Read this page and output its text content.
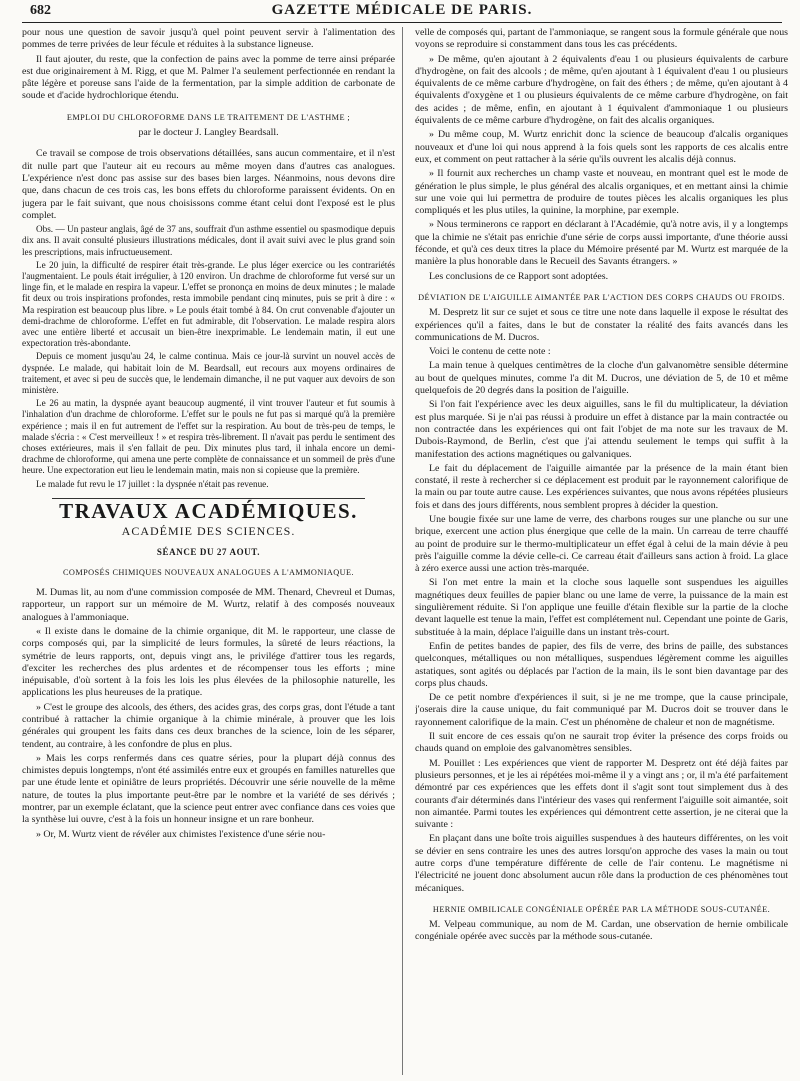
682	GAZETTE MÉDICALE DE PARIS.

pour nous une question de savoir jusqu'à quel point peuvent servir à l'alimentation des pommes de terre privées de leur fécule et réduites à la substance ligneuse.

Il faut ajouter, du reste, que la confection de pains avec la pomme de terre ainsi préparée est due originairement à M. Rigg, et que M. Palmer l'a seulement perfectionnée en rendant la pâte légère et poreuse sans l'aide de la fermentation, par la simple addition de carbonate de soude et d'acide hydrochlorique étendu.

EMPLOI DU CHLOROFORME DANS LE TRAITEMENT DE L'ASTHME ;
par le docteur J. Langley Beardsall.

Ce travail se compose de trois observations détaillées, sans aucun commentaire, et il n'est dit nulle part que l'auteur ait eu recours au même moyen dans d'autres cas analogues. L'expérience n'est donc pas assise sur des bases bien larges. Néanmoins, nous devons dire que, dans chacun de ces trois cas, les bons effets du chloroforme paraissent évidents. On en jugera par le fait suivant, que nous choisissons comme étant celui dont l'exposé est le plus complet.

Obs. — Un pasteur anglais, âgé de 37 ans, souffrait d'un asthme essentiel ou spasmodique depuis dix ans. Il avait consulté plusieurs illustrations médicales, dont il avait suivi avec le plus grand soin les prescriptions, mais infructueusement.

Le 20 juin, la difficulté de respirer était très-grande. Le plus léger exercice ou les contrariétés l'augmentaient. Le pouls était irrégulier, à 120 environ. Un drachme de chloroforme fut versé sur un linge fin, et le malade en respira la vapeur. L'effet se prononça en moins de deux minutes ; le malade fit deux ou trois inspirations profondes, resta immobile pendant cinq minutes, puis se prit à dire : « Ma respiration est beaucoup plus libre. » Le pouls était tombé à 84. On crut convenable d'ajouter un demi-drachme de chloroforme. L'effet en fut admirable, dit l'observation. Le malade respira alors avec une entière liberté et accusait un bien-être inexprimable. Le lendemain matin, il eut une expectoration très-abondante.

Depuis ce moment jusqu'au 24, le calme continua. Mais ce jour-là survint un nouvel accès de dyspnée. Le malade, qui habitait loin de M. Beardsall, eut recours aux moyens ordinaires de traitement, et avec si peu de succès que, le lendemain dimanche, il ne put vaquer aux devoirs de son ministère.

Le 26 au matin, la dyspnée ayant beaucoup augmenté, il vint trouver l'auteur et fut soumis à l'inhalation d'un drachme de chloroforme. L'effet sur le pouls ne fut pas si marqué qu'à la première expérience ; mais il en fut autrement de l'effet sur la respiration. Au bout de très-peu de temps, le malade s'écria : « C'est merveilleux ! » et respira très-librement. Il n'avait pas perdu le sentiment des choses extérieures, mais il s'en fallait de peu. Dix minutes plus tard, il inhala encore un demi-drachme de chloroforme, qui amena une perte complète de connaissance et un sommeil de près d'une heure. Une expectoration eut lieu le lendemain matin, mais non si copieuse que la première.

Le malade fut revu le 17 juillet : la dyspnée n'était pas revenue.

TRAVAUX ACADÉMIQUES.
ACADÉMIE DES SCIENCES.
SÉANCE DU 27 AOUT.
COMPOSÉS CHIMIQUES NOUVEAUX ANALOGUES A L'AMMONIAQUE.

M. Dumas lit, au nom d'une commission composée de MM. Thenard, Chevreul et Dumas, rapporteur, un rapport sur un mémoire de M. Wurtz, relatif à des composés nouveaux analogues à l'ammoniaque.

« Il existe dans le domaine de la chimie organique, dit M. le rapporteur, une classe de corps composés qui, par la simplicité de leurs formules, la sûreté de leurs réactions, la symétrie de leurs rapports, ont, depuis vingt ans, le privilége d'attirer tous les regards, d'exciter les recherches des plus ardentes et de récompenser tous les efforts ; mine inépuisable, d'où sortent à la fois les lois les plus élevées de la philosophie naturelle, les applications les plus heureuses de la pratique.

» C'est le groupe des alcools, des éthers, des acides gras, des corps gras, dont l'étude a tant contribué à rattacher la chimie organique à la chimie minérale, à prouver que les lois générales qui groupent les faits dans ces deux branches de la science, loin de les séparer, tendent, au contraire, à les confondre de plus en plus.

» Mais les corps renfermés dans ces quatre séries, pour la plupart déjà connus des chimistes depuis longtemps, n'ont été assimilés entre eux et groupés en familles naturelles que par une étude lente et opiniâtre de leurs propriétés. Découvrir une série nouvelle de la même nature, de toutes la plus importante peut-être par le nombre et la variété de ses dérivés ; montrer, par un exemple éclatant, que la science peut entrer avec confiance dans ces voies que la synthèse lui ouvre, c'est à la fois un honneur insigne et un rare bonheur.

» Or, M. Wurtz vient de révéler aux chimistes l'existence d'une série nou-

velle de composés qui, partant de l'ammoniaque, se rangent sous la formule générale que nous voyons se reproduire si constamment dans tous les cas précédents.

» De même, qu'en ajoutant à 2 équivalents d'eau 1 ou plusieurs équivalents de carbure d'hydrogène, on fait des alcools ; de même, qu'en ajoutant à 1 équivalent d'eau 1 ou plusieurs équivalents de ce même carbure d'hydrogène, on fait des éthers ; de même, qu'en ajoutant à 4 équivalents d'oxygène et 1 ou plusieurs équivalents de ce même carbure d'hydrogène, on fait des acides ; de même, enfin, en ajoutant à 1 équivalent d'ammoniaque 1 ou plusieurs équivalents de ce même carbure d'hydrogène, on fait des alcalis organiques.

» Du même coup, M. Wurtz enrichit donc la science de beaucoup d'alcalis organiques nouveaux et d'une loi qui nous apprend à la fois quels sont les rapports de ces alcalis entre eux, et comment on peut rattacher à la série qu'ils ouvrent les alcalis déjà connus.

» Il fournit aux recherches un champ vaste et nouveau, en montrant quel est le mode de génération le plus simple, le plus général des alcalis organiques, et en mettant ainsi la chimie sur une voie qui lui permettra de produire de toutes pièces les alcalis organiques les plus compliqués et les plus utiles, la quinine, la morphine, par exemple.

» Nous terminerons ce rapport en déclarant à l'Académie, qu'à notre avis, il y a longtemps que la chimie ne s'était pas enrichie d'une série de corps aussi importante, d'une théorie aussi féconde, et qu'à ces deux titres la place du Mémoire présenté par M. Wurtz est marquée de la manière la plus honorable dans le Recueil des Savants étrangers. »

Les conclusions de ce Rapport sont adoptées.

DÉVIATION DE L'AIGUILLE AIMANTÉE PAR L'ACTION DES CORPS CHAUDS OU FROIDS.

M. Despretz lit sur ce sujet et sous ce titre une note dans laquelle il expose le résultat des expériences qu'il a faites, dans le but de constater la réalité des faits avancés dans les communications de M. Ducros.

Voici le contenu de cette note :

La main tenue à quelques centimètres de la cloche d'un galvanomètre sensible détermine au bout de quelques minutes, comme l'a dit M. Ducros, une déviation de 5, de 10 et même quelquefois de 20 degrés dans la position de l'aiguille.

Si l'on fait l'expérience avec les deux aiguilles, sans le fil du multiplicateur, la déviation est plus marquée. Si je n'ai pas réussi à produire un effet à distance par la main contractée ou non contractée dans les expériences qui ont fait l'objet de ma note sur les travaux de M. Dubois-Raymond, de Berlin, c'est que j'ai attendu seulement le temps qui suffit à la manifestation des actions magnétiques ou galvaniques.

Le fait du déplacement de l'aiguille aimantée par la présence de la main étant bien constaté, il reste à rechercher si ce déplacement est produit par le rayonnement calorifique de la main ou par toute autre cause. Les expériences suivantes, que nous avons répétées plusieurs fois et dans des jours différents, nous semblent propres à décider la question.

Une bougie fixée sur une lame de verre, des charbons rouges sur une planche ou sur une brique, exercent une action plus énergique que celle de la main. Un carreau de terre chauffé au point de produire sur le thermo-multiplicateur un effet égal à celui de la main dévie à peu près l'aiguille comme la dévie celle-ci. Ce carreau était d'ailleurs sans action à froid. La glace à zéro exerce aussi une action très-marquée.

Si l'on met entre la main et la cloche sous laquelle sont suspendues les aiguilles magnétiques deux feuilles de papier blanc ou une lame de verre, la puissance de la main est singulièrement réduite. Si l'on applique une feuille d'étain flexible sur la partie de la cloche devant laquelle est tenue la main, l'effet est complétement nul. Cependant une pointe de Garis, substituée à la main, déplace l'aiguille dans un instant très-court.

Enfin de petites bandes de papier, des fils de verre, des brins de paille, des substances quelconques, métalliques ou non métalliques, suspendues légèrement comme les aiguilles astatiques, sont agités ou déplacés par l'action de la main, ils le sont bien davantage par des corps plus chauds.

De ce petit nombre d'expériences il suit, si je ne me trompe, que la cause principale, j'oserais dire la cause unique, du fait communiqué par M. Ducros doit se trouver dans le rayonnement calorifique de la main. C'est un phénomène de chaleur et non de magnétisme.

Il suit encore de ces essais qu'on ne saurait trop éviter la présence des corps froids ou chauds quand on emploie des galvanomètres sensibles.

M. Pouillet : Les expériences que vient de rapporter M. Despretz ont été déjà faites par plusieurs personnes, et je les ai répétées moi-même il y a vingt ans ; or, il m'a été parfaitement démontré par ces expériences que les effets dont il s'agit sont tout simplement dus à des courants d'air déterminés dans l'intérieur des vases qui renferment l'aiguille soit aimantée, soit non aimantée. Parmi toutes les expériences qui démontrent cette assertion, je ne citerai que la suivante :

En plaçant dans une boîte trois aiguilles suspendues à des hauteurs différentes, on les voit se dévier en sens contraire les unes des autres lorsqu'on approche des vases la main ou tout autre corps d'une température différente de celle de l'air contenu. Le magnétisme ni l'électricité ne jouent donc absolument aucun rôle dans la production de ces phénomènes tout mécaniques.

HERNIE OMBILICALE CONGÉNIALE OPÉRÉE PAR LA MÉTHODE SOUS-CUTANÉE.

M. Velpeau communique, au nom de M. Cardan, une observation de hernie ombilicale congéniale opérée avec succès par la méthode sous-cutanée.
